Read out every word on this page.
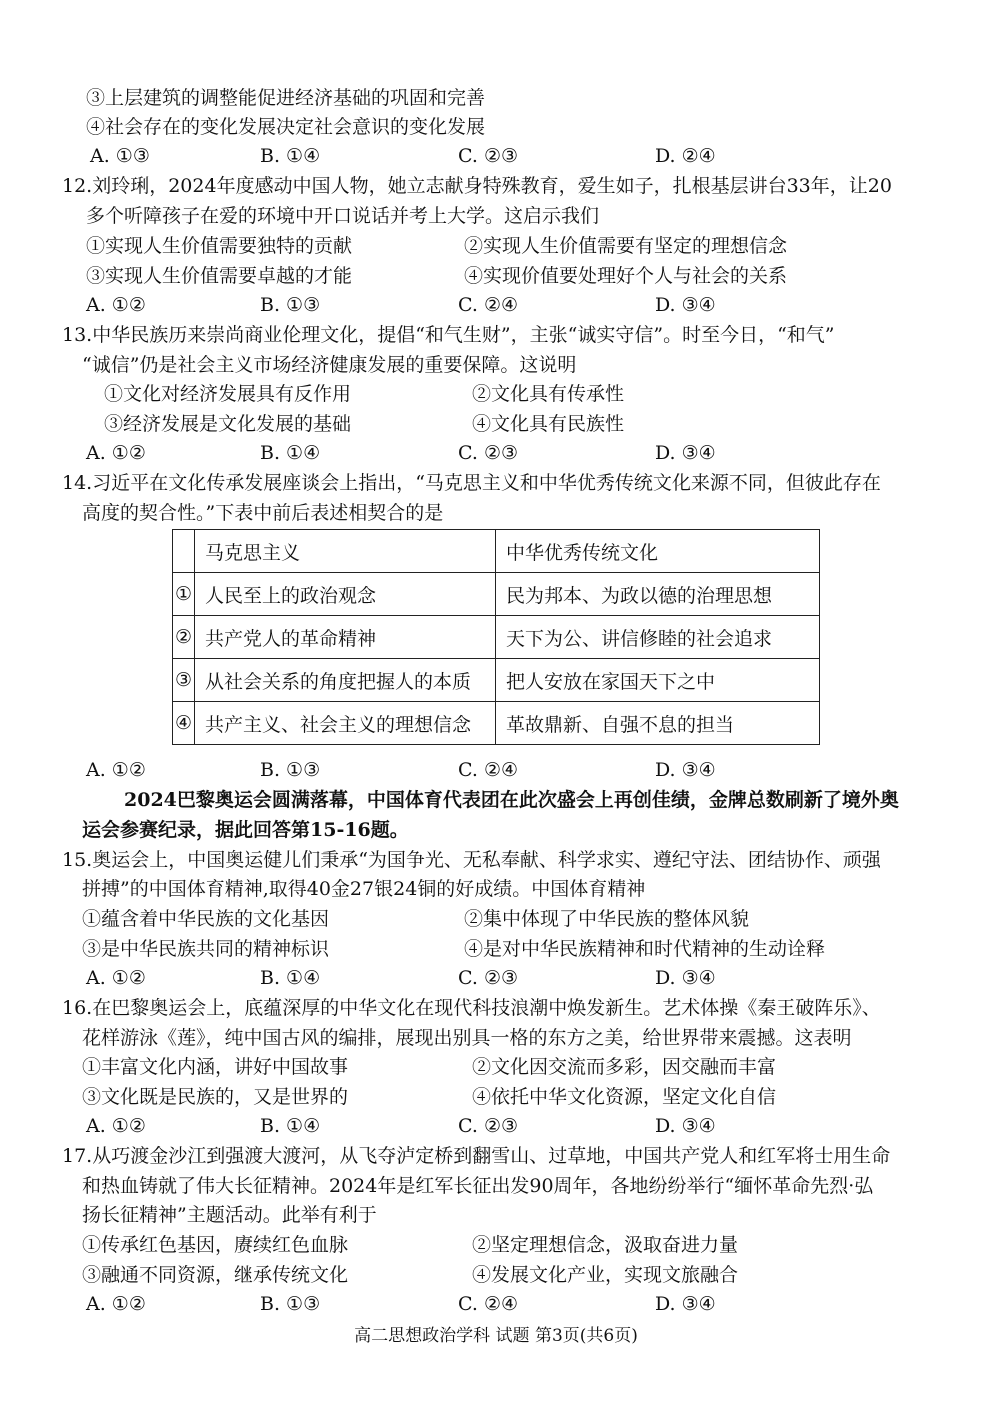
③上层建筑的调整能促进经济基础的巩固和完善
④社会存在的变化发展决定社会意识的变化发展
A. ①③	B. ①④	C. ②③	D. ②④
12.刘玲琍，2024年度感动中国人物，她立志献身特殊教育，爱生如子，扎根基层讲台33年，让20
多个听障孩子在爱的环境中开口说话并考上大学。这启示我们
①实现人生价值需要独特的贡献	②实现人生价值需要有坚定的理想信念
③实现人生价值需要卓越的才能	④实现价值要处理好个人与社会的关系
A. ①②	B. ①③	C. ②④	D. ③④
13.中华民族历来崇尚商业伦理文化，提倡“和气生财”，主张“诚实守信”。时至今日，“和气”
“诚信”仍是社会主义市场经济健康发展的重要保障。这说明
①文化对经济发展具有反作用	②文化具有传承性
③经济发展是文化发展的基础	④文化具有民族性
A. ①②	B. ①④	C. ②③	D. ③④
14.习近平在文化传承发展座谈会上指出，“马克思主义和中华优秀传统文化来源不同，但彼此存在
高度的契合性。”下表中前后表述相契合的是
	马克思主义	中华优秀传统文化
①	人民至上的政治观念	民为邦本、为政以德的治理思想
②	共产党人的革命精神	天下为公、讲信修睦的社会追求
③	从社会关系的角度把握人的本质	把人安放在家国天下之中
④	共产主义、社会主义的理想信念	革故鼎新、自强不息的担当
A. ①②	B. ①③	C. ②④	D. ③④
2024巴黎奥运会圆满落幕，中国体育代表团在此次盛会上再创佳绩，金牌总数刷新了境外奥
运会参赛纪录，据此回答第15-16题。
15.奥运会上，中国奥运健儿们秉承“为国争光、无私奉献、科学求实、遵纪守法、团结协作、顽强
拼搏”的中国体育精神,取得40金27银24铜的好成绩。中国体育精神
①蕴含着中华民族的文化基因	②集中体现了中华民族的整体风貌
③是中华民族共同的精神标识	④是对中华民族精神和时代精神的生动诠释
A. ①②	B. ①④	C. ②③	D. ③④
16.在巴黎奥运会上，底蕴深厚的中华文化在现代科技浪潮中焕发新生。艺术体操《秦王破阵乐》、
花样游泳《莲》，纯中国古风的编排，展现出别具一格的东方之美，给世界带来震撼。这表明
①丰富文化内涵，讲好中国故事	②文化因交流而多彩，因交融而丰富
③文化既是民族的，又是世界的	④依托中华文化资源，坚定文化自信
A. ①②	B. ①④	C. ②③	D. ③④
17.从巧渡金沙江到强渡大渡河，从飞夺泸定桥到翻雪山、过草地，中国共产党人和红军将士用生命
和热血铸就了伟大长征精神。2024年是红军长征出发90周年，各地纷纷举行“缅怀革命先烈·弘
扬长征精神”主题活动。此举有利于
①传承红色基因，赓续红色血脉	②坚定理想信念，汲取奋进力量
③融通不同资源，继承传统文化	④发展文化产业，实现文旅融合
A. ①②	B. ①③	C. ②④	D. ③④
高二思想政治学科 试题 第3页(共6页)
